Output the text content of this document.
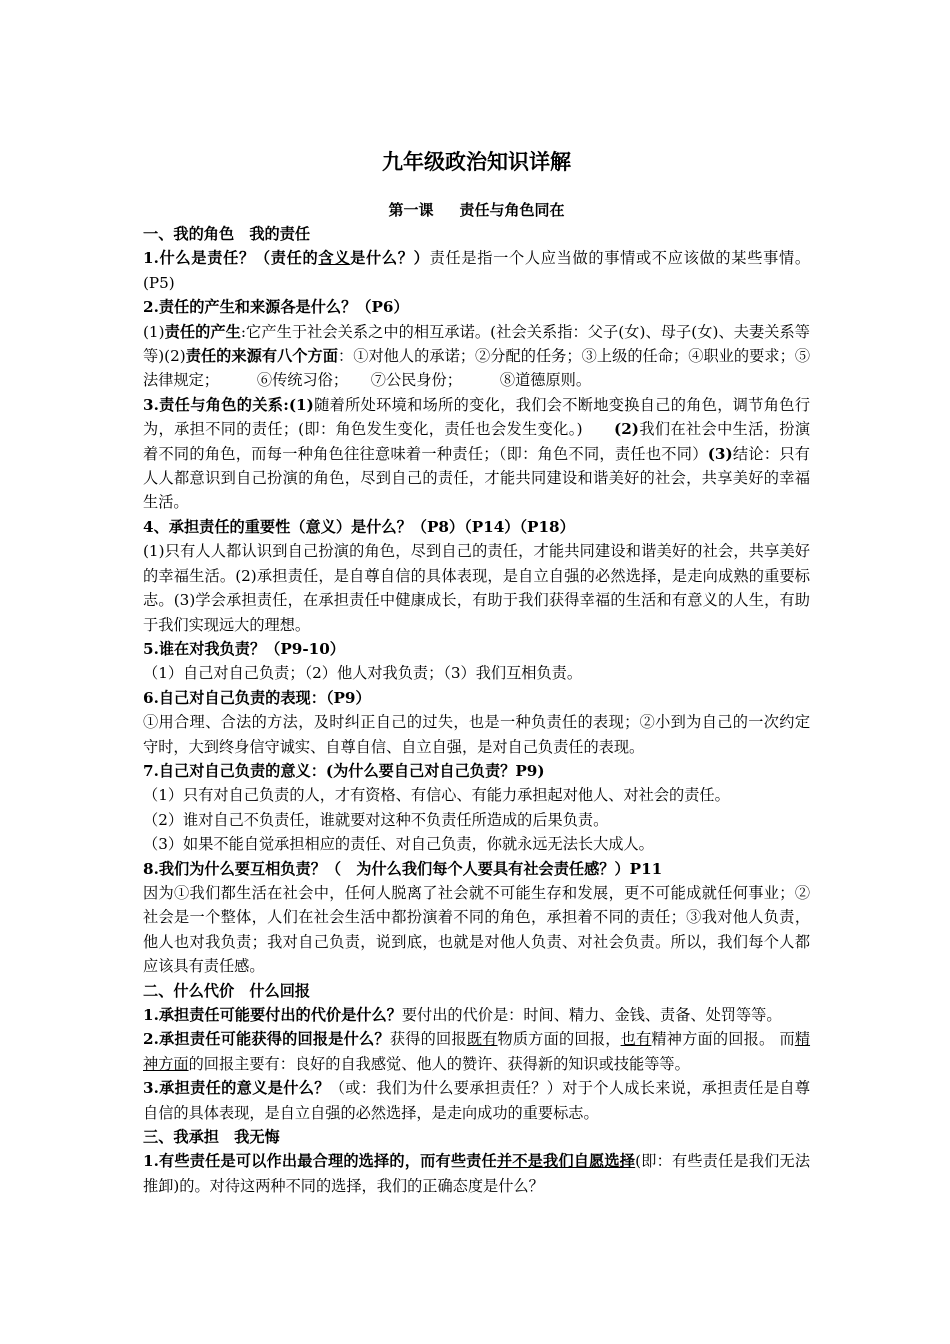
九年级政治知识详解
第一课 责任与角色同在

一、我的角色　我的责任

1.什么是责任？（责任的含义是什么？）责任是指一个人应当做的事情或不应该做的某些事情。(P5)

2.责任的产生和来源各是什么？（P6）

(1)责任的产生:它产生于社会关系之中的相互承诺。(社会关系指：父子(女)、母子(女)、夫妻关系等等)(2)责任的来源有八个方面：①对他人的承诺；②分配的任务；③上级的任命；④职业的要求；⑤法律规定；　　　⑥传统习俗；　　⑦公民身份；　　　⑧道德原则。

3.责任与角色的关系:(1)随着所处环境和场所的变化，我们会不断地变换自己的角色，调节角色行为，承担不同的责任；(即：角色发生变化，责任也会发生变化。)　　(2)我们在社会中生活，扮演着不同的角色，而每一种角色往往意味着一种责任；（即：角色不同，责任也不同）(3)结论：只有人人都意识到自己扮演的角色，尽到自己的责任，才能共同建设和谐美好的社会，共享美好的幸福生活。

4、承担责任的重要性（意义）是什么？（P8）（P14）（P18）

(1)只有人人都认识到自己扮演的角色，尽到自己的责任，才能共同建设和谐美好的社会，共享美好的幸福生活。(2)承担责任，是自尊自信的具体表现，是自立自强的必然选择，是走向成熟的重要标志。(3)学会承担责任，在承担责任中健康成长，有助于我们获得幸福的生活和有意义的人生，有助于我们实现远大的理想。

5.谁在对我负责？（P9-10）

（1）自己对自己负责；（2）他人对我负责；（3）我们互相负责。

6.自己对自己负责的表现：（P9）

①用合理、合法的方法，及时纠正自己的过失，也是一种负责任的表现；②小到为自己的一次约定守时，大到终身信守诚实、自尊自信、自立自强，是对自己负责任的表现。

7.自己对自己负责的意义：(为什么要自己对自己负责？P9)

（1）只有对自己负责的人，才有资格、有信心、有能力承担起对他人、对社会的责任。

（2）谁对自己不负责任，谁就要对这种不负责任所造成的后果负责。

（3）如果不能自觉承担相应的责任、对自己负责，你就永远无法长大成人。

8.我们为什么要互相负责？（　为什么我们每个人要具有社会责任感？）P11

因为①我们都生活在社会中，任何人脱离了社会就不可能生存和发展，更不可能成就任何事业；②社会是一个整体，人们在社会生活中都扮演着不同的角色，承担着不同的责任；③我对他人负责，他人也对我负责；我对自己负责，说到底，也就是对他人负责、对社会负责。所以，我们每个人都应该具有责任感。

二、什么代价　什么回报

1.承担责任可能要付出的代价是什么？要付出的代价是：时间、精力、金钱、责备、处罚等等。

2.承担责任可能获得的回报是什么？获得的回报既有物质方面的回报，也有精神方面的回报。 而精神方面的回报主要有：良好的自我感觉、他人的赞许、获得新的知识或技能等等。

3.承担责任的意义是什么？（或：我们为什么要承担责任？）对于个人成长来说，承担责任是自尊自信的具体表现，是自立自强的必然选择，是走向成功的重要标志。

三、我承担　我无悔

1.有些责任是可以作出最合理的选择的，而有些责任并不是我们自愿选择(即：有些责任是我们无法推卸)的。对待这两种不同的选择，我们的正确态度是什么？
